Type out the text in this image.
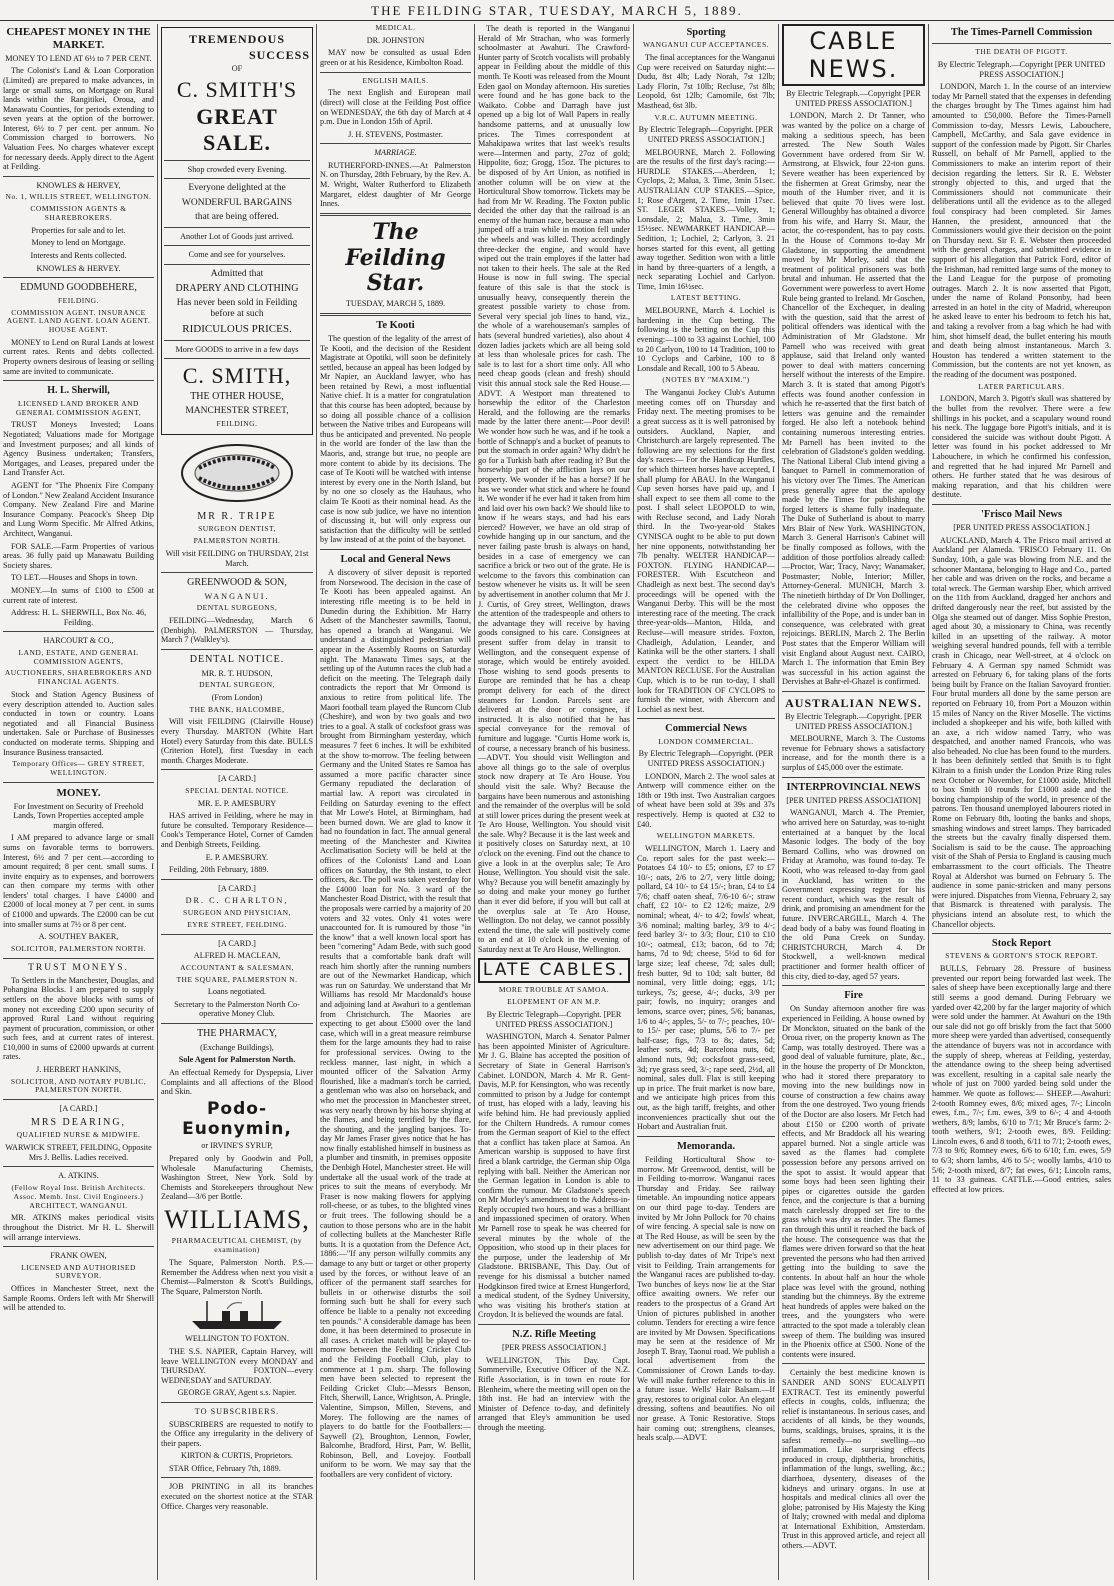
THE FEILDING STAR, TUESDAY, MARCH 5, 1889.
CHEAPEST MONEY IN THE MARKET.

MONEY TO LEND AT 6½ to 7 PER CENT.

The Colonist's Land & Loan Corporation (Limited) are prepared to make advances, in large or small sums, on Mortgage on Rural lands within the Rangitikei, Oroua, and Manawatu Counties, for periods extending to seven years at the option of the borrower. Interest, 6½ to 7 per cent. per annum. No Commission charged to borrowers. No Valuation Fees. No charges whatever except for necessary deeds. Apply direct to the Agent at Feilding.

KNOWLES & HERVEY,

No. 1, WILLIS STREET, WELLINGTON.

COMMISSION AGENTS & SHAREBROKERS.

Properties for sale and to let.

Money to lend on Mortgage.

Interests and Rents collected.

KNOWLES & HERVEY.

EDMUND GOODBEHERE,

FEILDING.

COMMISSION AGENT. INSURANCE AGENT. LAND AGENT. LOAN AGENT. HOUSE AGENT.

MONEY to Lend on Rural Lands at lowest current rates. Rents and debts collected. Property owners desirous of leasing or selling same are invited to communicate.

H. L. Sherwill,

LICENSED LAND BROKER AND GENERAL COMMISSION AGENT,

TRUST Moneys Invested; Loans Negotiated; Valuations made for Mortgage and Investment purposes; and all kinds of Agency Business undertaken; Transfers, Mortgages, and Leases, prepared under the Land Transfer Act.

AGENT for "The Phoenix Fire Company of London." New Zealand Accident Insurance Company. New Zealand Fire and Marine Insurance Company. Peacock's Sheep Dip and Lung Worm Specific. Mr Alfred Atkins, Architect, Wanganui.

FOR SALE.—Farm Properties of various areas. 36 fully paid up Manawatu Building Society shares.

TO LET.—Houses and Shops in town.

MONEY.—In sums of £100 to £500 at current rate of interest.

Address: H. L. SHERWILL, Box No. 46, Feilding.

HARCOURT & CO.,

LAND, ESTATE, AND GENERAL COMMISSION AGENTS,

AUCTIONEERS, SHAREBROKERS AND FINANCIAL AGENTS.

Stock and Station Agency Business of every description attended to. Auction sales conducted in town or country. Loans negotiated and all Financial Business undertaken. Sale or Purchase of Businesses conducted on moderate terms. Shipping and Insurance Business transacted.

Temporary Offices— GREY STREET, WELLINGTON.

MONEY.

For Investment on Security of Freehold Lands, Town Properties accepted ample margin offered.

I AM prepared to advance large or small sums on favorable terms to borrowers. Interest, 6½ and 7 per cent.—according to amount required; 8 per cent. small sums. I invite enquiry as to expenses, and borrowers can then compare my terms with other lenders' total charges. I have £4000 and £2000 of local money at 7 per cent. in sums of £1000 and upwards. The £2000 can be cut into smaller sums at 7½ or 8 per cent.

A. SOUTHEY BAKER,

SOLICITOR, PALMERSTON NORTH.

TRUST MONEYS.

To Settlers in the Manchester, Douglas, and Pohangina Blocks. I am prepared to supply settlers on the above blocks with sums of money not exceeding £200 upon security of approved Rural Land without requiring payment of procuration, commission, or other such fees, and at current rates of interest. £10,000 in sums of £2000 upwards at current rates.

J. HERBERT HANKINS,

SOLICITOR, AND NOTARY PUBLIC, PALMERSTON NORTH.

[A CARD.]

MRS DEARING,

QUALIFIED NURSE & MIDWIFE.

WARWICK STREET, FEILDING, Opposite Mrs J. Bellis. Ladies received.

A. ATKINS.

(Fellow Royal Inst. British Architects. Assoc. Memb. Inst. Civil Engineers.) ARCHITECT, WANGANUI.

MR. ATKINS makes periodical visits throughout the District. Mr H. L. Sherwill will arrange interviews.

FRANK OWEN,

LICENSED AND AUTHORISED SURVEYOR.

Offices in Manchester Street, next the Sample Rooms. Orders left with Mr Sherwill will be attended to.

TREMENDOUS
SUCCESS

OF

C. SMITH'S
GREAT SALE.

Shop crowded every Evening.

Everyone delighted at the

WONDERFUL BARGAINS

that are being offered.

Another Lot of Goods just arrived.

Come and see for yourselves.

Admitted that

DRAPERY AND CLOTHING

Has never been sold in Feilding before at such

RIDICULOUS PRICES.

More GOODS to arrive in a few days

C. SMITH,

THE OTHER HOUSE,

MANCHESTER STREET,

FEILDING.

MR R. TRIPE

SURGEON DENTIST,

PALMERSTON NORTH.

Will visit FEILDING on THURSDAY, 21st March.

GREENWOOD & SON,

WANGANUI.

DENTAL SURGEONS,

FEILDING—Wednesday, March 6 (Denbigh). PALMERSTON — Thursday, March 7 (Walkley's).

DENTAL NOTICE.

MR. R. T. HUDSON,

DENTAL SURGEON,

(From London)

THE BANK, HALCOMBE,

Will visit FEILDING (Clairville House) every Thursday. MARTON (White Hart Hotel) every Saturday from this date. BULLS (Criterion Hotel), first Tuesday in each month. Charges Moderate.

[A CARD.]

SPECIAL DENTAL NOTICE.

MR. E. P. AMESBURY

HAS arrived in Feilding, where he may in future be consulted. Temporary Residence—Cook's Temperance Hotel, Corner of Camden and Denbigh Streets, Feilding.

E. P. AMESBURY.

Feilding, 20th February, 1889.

[A CARD.]

DR. C. CHARLTON,

SURGEON AND PHYSICIAN,

EYRE STREET, FEILDING.

[A CARD.]

ALFRED H. MACLEAN,

ACCOUNTANT & SALESMAN,

THE SQUARE, PALMERSTON N.

Loans negotiated.

Secretary to the Palmerston North Co-operative Money Club.

THE PHARMACY,

(Exchange Buildings),

Sole Agent for Palmerston North.

An effectual Remedy for Dyspepsia, Liver Complaints and all affections of the Blood and Skin.

Podo-Euonymin,

or IRVINE'S SYRUP,

Prepared only by Goodwin and Poll, Wholesale Manufacturing Chemists, Washington Street, New York. Sold by Chemists and Storekeepers throughout New Zealand—3/6 per Bottle.

WILLIAMS,

PHARMACEUTICAL CHEMIST, (by examination)

The Square, Palmerston North. P.S.—Remember the Address when next you visit a Chemist—Palmerston & Scott's Buildings, The Square, Palmerston North.

WELLINGTON TO FOXTON.

THE S.S. NAPIER, Captain Harvey, will leave WELLINGTON every MONDAY and THURSDAY. FOXTON—every WEDNESDAY and SATURDAY.

GEORGE GRAY, Agent s.s. Napier.

TO SUBSCRIBERS.

SUBSCRIBERS are requested to notify to the Office any irregularity in the delivery of their papers.

KIRTON & CURTIS, Proprietors.

STAR Office, February 7th, 1889.

JOB PRINTING in all its branches executed on the shortest notice at the STAR Office. Charges very reasonable.

MEDICAL.

DR. JOHNSTON

MAY now be consulted as usual Eden green or at his Residence, Kimbolton Road.

ENGLISH MAILS.

The next English and European mail (direct) will close at the Feilding Post office on WEDNESDAY, the 6th day of March at 4 p.m. Due in London 15th of April.

J. H. STEVENS, Postmaster.

MARRIAGE.

RUTHERFORD-INNES.—At Palmerston N. on Thursday, 28th February, by the Rev. A. M. Wright, Walter Rutherford to Elizabeth Margaret, eldest daughter of Mr George Innes.

The Feilding Star.

TUESDAY, MARCH 5, 1889.

Te Kooti

The question of the legality of the arrest of Te Kooti, and the decision of the Resident Magistrate at Opotiki, will soon be definitely settled, because an appeal has been lodged by Mr Napier, an Auckland lawyer, who has been retained by Rewi, a most influential Native chief. It is a matter for congratulation that this course has been adopted, because by so doing all possible chance of a collision between the Native tribes and Europeans will thus be anticipated and prevented. No people in the world are fonder of the law than the Maoris, and, strange but true, no people are more content to abide by its decisions. The case of Te Kooti will be watched with intense interest by every one in the North Island, but by no one so closely as the Hauhaus, who claim Te Kooti as their nominal head. As the case is now sub judice, we have no intention of discussing it, but will only express our satisfaction that the difficulty will be settled by law instead of at the point of the bayonet.

Local and General News

A discovery of silver deposit is reported from Norsewood. The decision in the case of Te Kooti has been appealed against. An interesting rifle meeting is to be held in Dunedin during the Exhibition. Mr Harry Adsett of the Manchester sawmills, Taonui, has opened a branch at Wanganui. We understand a distinguished pedestrian will appear in the Assembly Rooms on Saturday night. The Manawatu Times says, at the settling up of the Autumn races the club had a deficit on the meeting. The Telegraph daily contradicts the report that Mr Ormond is anxious to retire from political life. The Maori football team played the Runcorn Club (Cheshire), and won by two goals and two tries to a goal. A stalk of cocksfoot grass was brought from Birmingham yesterday, which measures 7 feet 6 inches. It will be exhibited at the show to-morrow. The feeling between Germany and the United States re Samoa has assumed a more pacific character since Germany repudiated the declaration of martial law. A report was circulated in Feilding on Saturday evening to the effect that Mr Lowe's Hotel, at Birmingham, had been burned down. We are glad to know it had no foundation in fact. The annual general meeting of the Manchester and Kiwitea Acclimatisation Society will be held at the offices of the Colonists' Land and Loan offices on Saturday, the 9th instant, to elect officers, &c. The poll was taken yesterday for the £4000 loan for No. 3 ward of the Manchester Road District, with the result that the proposals were carried by a majority of 20 voters and 32 votes. Only 41 votes were unaccounted for. It is rumoured by those "in the know" that a well known local sport has been "cornering" Adam Bede, with such good results that a comfortable bank draft will reach him shortly after the running numbers are out of the Newmarket Handicap, which was run on Saturday. We understand that Mr Williams has resold Mr Macdonald's house and adjoining land at Awahuri to a gentleman from Christchurch. The Maories are expecting to get about £5000 over the land case, which will in a great measure reimburse them for the large amounts they had to raise for professional services. Owing to the reckless manner, last night, in which a mounted officer of the Salvation Army flourished, like a madman's torch be carried, a gentleman who was also on horseback, and who met the procession in Manchester street, was very nearly thrown by his horse shying at the flames, and being terrified by the flare, the shouting, and the jangling banjoes. To-day Mr James Fraser gives notice that he has now finally established himself in business as a plumber and tinsmith, in premises opposite the Denbigh Hotel, Manchester street. He will undertake all the usual work of the trade at prices to suit the means of everybody. Mr Fraser is now making flowers for applying roll-cheese, or as tubes, to the blighted vines or fruit trees. The following should be a caution to those persons who are in the habit of collecting bullets at the Manchester Rifle butts. It is a quotation from the Defence Act, 1886:—"If any person wilfully commits any damage to any butt or target or other property used by the forces, or without leave of an officer of the permanent staff searches for bullets in or otherwise disturbs the soil forming such butt he shall for every such offence be liable to a penalty not exceeding ten pounds." A considerable damage has been done, it has been determined to prosecute in all cases. A cricket match will be played to-morrow between the Feilding Cricket Club and the Feilding Football Club, play to commence at 1 p.m. sharp. The following men have been selected to represent the Feilding Cricket Club:—Messrs Benson, Fitch, Sherwill, Lance, Wrightson, A. Pringle, Valentine, Simpson, Millen, Stevens, and Morey. The following are the names of players to do battle for the Footballers:—Saywell (2), Broughton, Lennon, Fowler, Balcombe, Bradford, Hirst, Parr, W. Bellit, Robinson, Bell, and Lovejoy. Football uniform to be worn. We may say that the footballers are very confident of victory.

The death is reported in the Wanganui Herald of Mr Strachan, who was formerly schoolmaster at Awahuri. The Crawford-Hunter party of Scotch vocalists will probably appear in Feilding about the middle of this month. Te Kooti was released from the Mount Eden gaol on Monday afternoon. His sureties were found and he has gone back to the Waikato. Cobbe and Darragh have just opened up a big lot of Wall Papers in really handsome patterns, and at unusually low prices. The Times correspondent at Mahakipawa writes that last week's results were—Intermen and party, 27oz of gold; Hippolite, 6oz; Grogg, 15oz. The pictures to be disposed of by Art Union, as notified in another column will be on view at the Horticultural Show tomorrow. Tickets may be had from Mr W. Reading. The Foxton public decided the other day that the railroad is an enemy of the human race, because a man who jumped off a train while in motion fell under the wheels and was killed. They accordingly three-decker the engine, and would have wiped out the train employes if the latter had not taken to their heels. The sale at the Red House is now in full swing. The special feature of this sale is that the stock is unusually heavy, consequently therein the greatest possible variety to chose from. Several very special job lines to hand, viz., the whole of a warehouseman's samples of hats (several hundred varieties), also about 4 dozen ladies jackets which are all being sold at less than wholesale prices for cash. The sale is to last for a short time only. All who need cheap goods (clean and fresh) should visit this annual stock sale the Red House.—ADVT. A Westport man threatened to horsewhip the editor of the Charleston Herald, and the following are the remarks made by the latter there anent:—Poor devil! We wonder how such he was, and if he took a bottle of Schnapp's and a bucket of peanuts to put the stomach in order again? Why didn't he go for a Turkish bath after reading it? But the horsewhip part of the affliction lays on our property. We wonder if he has a horse? If he has we wonder what stick and where he found it. We wonder if he ever had it taken from him and laid over his own back? We should like to know if he wears stays, and had his ears pierced? However, we have an old strap of cowhide hanging up in our sanctum, and the never failing paste brush is always on hand, besides in a case of emergency we can sacrifice a brick or two out of the grate. He is welcome to the favors this combination can bestow whenever he visits us. It will be seen by advertisement in another column that Mr J. J. Curtis, of Grey street, Wellington, draws the attention of the tradespeople and others to the advantage they will receive by having goods consigned to his care. Consignees at present suffer from delay in transit to Wellington, and the consequent expense of storage, which would be entirely avoided. Those wishing to send goods presents to Europe are reminded that he has a cheap prompt delivery for each of the direct steamers for London. Parcels sent are delivered at the door or consignee, if instructed. It is also notified that he has special conveyance for the removal of furniture and luggage. "Curtis Home work is, of course, a necessary branch of his business.—ADVT. You should visit Wellington and above all things go to the sale of overplus stock now drapery at Te Aro House. You should visit the sale. Why? Because the bargains have been numerous and astonishing and the remainder of the overplus will be sold at still lower prices during the present week at Te Aro House, Wellington. You should visit the sale. Why? Because it is the last week and it positively closes on Saturday next, at 10 o'clock on the evening. Find out the chance to give a look in at the overplus sale; Te Aro House, Wellington. You should visit the sale. Why? Because you will benefit amazingly by so doing and make your money go further than it ever did before, if you will but call at the overplus sale at Te Aro House, Wellington. Do not delay, we cannot possibly extend the time, the sale will positively come to an end at 10 o'clock in the evening of Saturday next at Te Aro House, Wellington.

LATE CABLES.

MORE TROUBLE AT SAMOA.

ELOPEMENT OF AN M.P.

By Electric Telegraph—Copyright. [PER UNITED PRESS ASSOCIATION.]

WASHINGTON, March 4. Senator Palmer has been appointed Minister of Agriculture. Mr J. G. Blaine has accepted the position of Secretary of State in General Harrison's Cabinet. LONDON, March 4. Mr R. Gent-Davis, M.P. for Kensington, who was recently committed to prison by a Judge for contempt of trust, has eloped with a lady, leaving his wife behind him. He had previously applied for the Chiltern Hundreds. A rumour comes from the German seaport of Kiel to the effect that a conflict has taken place at Samoa. An American warship is supposed to have first fired a blank cartridge, the German ship Olga replying with ball. Neither the American nor the German legation in London is able to confirm the rumour. Mr Gladstone's speech on Mr Morley's amendment to the Address-in-Reply occupied two hours, and was a brilliant and impassioned specimen of oratory. When Mr Parnell rose to speak he was cheered for several minutes by the whole of the Opposition, who stood up in their places for the purpose, under the leadership of Mr Gladstone. BRISBANE, This Day. Out of revenge for his dismissal a butcher named Hodgkinson fired twice at Ernest Hungerford, a medical student, of the Sydney University, who was visiting his brother's station at Croydon. It is believed the wounds are fatal.

N.Z. Rifle Meeting

[PER PRESS ASSOCIATION.]

WELLINGTON, This Day. Capt. Sommerville, Executive Officer of the N.Z. Rifle Association, is in town en route for Blenheim, where the meeting will open on the 18th inst. He had an interview with the Minister of Defence to-day, and definitely arranged that Eley's ammunition be used through the meeting.

Sporting

WANGANUI CUP ACCEPTANCES.

The final acceptances for the Wanganui Cup were received on Saturday night:—Dudu, 8st 4lb; Lady Norah, 7st 12lb; Lady Florin, 7st 10lb; Recluse, 7st 8lb; Leopold, 6st 12lb; Camomile, 6st 7lb; Masthead, 6st 3lb.

V.R.C. AUTUMN MEETING.

By Electric Telegraph—Copyright. [PER UNITED PRESS ASSOCIATION.]

MELBOURNE, March 2. Following are the results of the first day's racing:— HURDLE STAKES.—Aberdeen, 1; Cyclops, 2; Malua, 3. Time, 3min 51sec. AUSTRALIAN CUP STAKES.—Spice, 1; Rose d'Argent, 2. Time, 1min 17sec. ST. LEGER STAKES.—Volley, 1; Lonsdale, 2; Malua, 3. Time, 3min 15½sec. NEWMARKET HANDICAP.—Sedition, 1; Lochiel, 2; Carlyon, 3. 21 horses started for this event, all getting away together. Sedition won with a little in hand by three-quarters of a length, a neck separating Lochiel and Carlyon. Time, 1min 16½sec.

LATEST BETTING.

MELBOURNE, March 4. Lochiel is hardening in the Cup betting. The following is the betting on the Cup this evening:—100 to 33 against Lochiel, 100 to 20 Carlyon, 100 to 14 Tradition, 100 to 10 Cyclops and Carbine, 100 to 8 Lonsdale and Recall, 100 to 5 Abeau.

(NOTES BY "MAXIM.")

The Wanganui Jockey Club's Autumn meeting comes off on Thursday and Friday next. The meeting promises to be a great success as it is well patronised by outsiders. Auckland, Napier, and Christchurch are largely represented. The following are my selections for the first day's races:— For the Handicap Hurdles, for which thirteen horses have accepted, I shall plump for ABAU. In the Wanganui Cup seven horses have paid up, and I shall expect to see them all come to the post. I shall select LEOPOLD to win, with Recluse second, and Lady Norah third. In the Two-year-old Stakes CYNISCA ought to be able to put down her nine opponents, notwithstanding her 7lb penalty. WELTER HANDICAP— FOXTON. FLYING HANDICAP— FORESTER. With Escutcheon and Chadleigh as next best. The second day's proceedings will be opened with the Wanganui Derby. This will be the most interesting race of the meeting. The crack three-year-olds—Manton, Hilda, and Recluse—will measure strides. Foxton, Chadleigh, Adulation, Leander, and Katinka will be the other starters. I shall expect the verdict to be HILDA MANTON RECLUSE. For the Australian Cup, which is to be run to-day, I shall look for TRADITION OF CYCLOPS to furnish the winner, with Abercorn and Lochiel as next best.

Commercial News

LONDON COMMERCIAL.

By Electric Telegraph—Copyright. (PER UNITED PRESS ASSOCIATION.)

LONDON, March 2. The wool sales at Antwerp will commence either on the 18th or 19th inst. Two Australian cargoes of wheat have been sold at 39s and 37s respectively. Hemp is quoted at £32 to £40.

WELLINGTON MARKETS.

WELLINGTON, March 1. Laery and Co. report sales for the past week:—Potatoes £4 10/- to £5; onions, £7 to £7 10/-; oats, 2/6 to 2/7, very little doing; pollard, £4 10/- to £4 15/-; bran, £4 to £4 7/6; chaff oaten sheaf, 7/6-10 6/-; straw chaff, £2 10/- to £2 12/6; maize, 2/9 nominal; wheat, 4/- to 4/2; fowls' wheat, 3/6 nominal; malting barley, 3/9 to 4/-; feed barley 3/- to 3/3; flour, £10 to £10 10/-; oatmeal, £13; bacon, 6d to 7d; hams, 7d to 9d; cheese, 5½d to 6d for large size; leaf cheese, 7d; sales dull; fresh butter, 9d to 10d; salt butter, 8d nominal, very little doing; eggs, 1/1; turkeys, 7s; geese, 4/-; ducks, 3/9 per pair; fowls, no inquiry; oranges and lemons, scarce over; pines, 5/6; bananas, 1/6 to 4/-; apples, 5/- to 7/-; peaches, 10/- to 15/- per case; plums, 5/6 to 7/- per half-case; figs, 7/3 to 8s; dates, 5d; leather sorts, 4d; Barcelona nuts, 6d; almond nuts, 9d; cocksfoot grass-seed, 3d; rye grass seed, 3/-; rape seed, 2½d, all nominal, sales dull. Flax is still keeping up in price. The fruit market is now bare, and we anticipate high prices from this out, as the high tariff, freights, and other inconveniences practically shut out the Hobart and Australian fruit.

Memoranda.

Feilding Horticultural Show to-morrow. Mr Greenwood, dentist, will be in Feilding to-morrow. Wanganui races Thursday and Friday. See railway timetable. An impounding notice appears on our third page to-day. Tenders are invited by Mr John Pollock for 70 chains of wire fencing. A special sale is now on at The Red House, as will be seen by the new advertisement on our third page. We publish to-day dates of Mr Tripe's next visit to Feilding. Train arrangements for the Wanganui races are published to-day. Two bunches of keys now lie at the Star office awaiting owners. We refer our readers to the prospectus of a Grand Art Union of pictures published in another column. Tenders for erecting a wire fence are invited by Mr Dowsen. Specifications may be seen at the residence of Mr Joseph T. Bray, Taonui road. We publish a local advertisement from the Commissioner of Crown Lands to-day. We will make further reference to this in a future issue. Wells' Hair Balsam.—If gray, restores to original color. An elegant dressing, softens and beautifies. No oil nor grease. A Tonic Restorative. Stops hair coming out; strengthens, cleanses, heals scalp.—ADVT.

CABLE NEWS.

By Electric Telegraph.—Copyright [PER UNITED PRESS ASSOCIATION.]

LONDON, March 2. Dr Tanner, who was wanted by the police on a charge of making a seditious speech, has been arrested. The New South Wales Government have ordered from Sir W. Armstrong, at Elswick, four 22-ton guns. Severe weather has been experienced by the fishermen at Great Grimsby, near the mouth of the Humber river, and it is believed that quite 70 lives were lost. General Willoughby has obtained a divorce from his wife, and Harry St. Maur, the actor, the co-respondent, has to pay costs. In the House of Commons to-day Mr Gladstone, in supporting the amendment moved by Mr Morley, said that the treatment of political prisoners was both brutal and inhuman. He asserted that the Government were powerless to avert Home Rule being granted to Ireland. Mr Goschen, Chancellor of the Exchequer, in dealing with the question, said that the arrest of political offenders was identical with the Administration of Mr Gladstone. Mr Parnell who was received with great applause, said that Ireland only wanted power to deal with matters concerning herself without the interests of the Empire. March 3. It is stated that among Pigott's effects was found another confession in which he re-asserted that the first batch of letters was genuine and the remainder forged. He also left a notebook behind containing numerous interesting entries. Mr Parnell has been invited to the celebration of Gladstone's golden wedding. The National Liberal Club intend giving a banquet to Parnell in commemoration of his victory over The Times. The American press generally agree that the apology made by the Times for publishing the forged letters is shame fully inadequate. The Duke of Sutherland is about to marry Mrs Blair of New York. WASHINGTON, March 3. General Harrison's Cabinet will be finally composed as follows, with the addition of those portfolios already called:—Proctor, War; Tracy, Navy; Wanamaker, Postmaster; Noble, Interior; Miller, Attorney-General. MUNICH, March 3. The ninetieth birthday of Dr Von Dollinger, the celebrated divine who opposes the infallibility of the Pope, and is under ban in consequence, was celebrated with great rejoicings. BERLIN, March 2. The Berlin Post states that the Emperor William will visit England about August next. CAIRO, March 1. The information that Emin Bey was successful in his action against the Dervishes at Bahr-el-Ghazel is confirmed.

AUSTRALIAN NEWS.

By Electric Telegraph.—Copyright. [PER UNITED PRESS ASSOCIATION.]

MELBOURNE, March 3. The Customs revenue for February shows a satisfactory increase, and for the month there is a surplus of £45,000 over the estimate.

INTERPROVINCIAL NEWS

[PER UNITED PRESS ASSOCIATION]

WANGANUI, March 4. The Premier, who arrived here on Saturday, was to-night entertained at a banquet by the local Masonic lodges. The body of the boy Bernard Collins, who was drowned on Friday at Aramoho, was found to-day. Te Kooti, who was released to-day from gaol in Auckland, has written to the Government expressing regret for his recent conduct, which was the result of drink, and promising an amendment for the future. INVERCARGILL, March 4. The dead body of a baby was found floating in the old Puna Creek on Sunday. CHRISTCHURCH, March 4. Dr Stockwell, a well-known medical practitioner and former health officer of this city, died to-day, aged 57 years.

Fire

On Sunday afternoon another fire was experienced in Feilding. A house owned by Dr Monckton, situated on the bank of the Oroua river, on the property known as The Camp, was totally destroyed. There was a good deal of valuable furniture, plate, &c., in the house the property of Dr Monckton, who had it stored there preparatory to moving into the new buildings now in course of construction a few chains away from the one destroyed. Two young friends of the Doctor are also losers. Mr Fetch had about £150 or £200 worth of private effects, and Mr Braddock all his wearing apparel burned. Not a single article was saved as the flames had complete possession before any persons arrived on the spot to assist. It would appear that some boys had been seen lighting their pipes or cigarettes outside the garden fence, and the conjecture is that a burning match carelessly dropped set fire to the grass which was dry as tinder. The flames ran through this until it reached the back of the house. The consequence was that the flames were driven forward so that the heat prevented the persons who had then arrived getting into the building to save the contents. In about half an hour the whole place was level with the ground, nothing standing but the chimneys. By the extreme heat hundreds of apples were baked on the trees, and the youngsters who were attracted to the spot made a tolerably clean sweep of them. The building was insured in the Phoenix office at £500. None of the contents were insured.

Certainly the best medicine known is SANDER AND SONS' EUCALYPTI EXTRACT. Test its eminently powerful effects in coughs, colds, influenza; the relief is instantaneous. In serious cases, and accidents of all kinds, be they wounds, burns, scaldings, bruises, sprains, it is the safest remedy—no swelling—no inflammation. Like surprising effects produced in croup, diphtheria, bronchitis, inflammation of the lungs, swelling, &c.; diarrhoea, dysentery, diseases of the kidneys and urinary organs. In use at hospitals and medical clinics all over the globe; patronised by His Majesty the King of Italy; crowned with medal and diploma at International Exhibition, Amsterdam. Trust in this approved article, and reject all others.—ADVT.

The Times-Parnell Commission

THE DEATH OF PIGOTT.

By Electric Telegraph.—Copyright [PER UNITED PRESS ASSOCIATION.]

LONDON, March 1. In the course of an interview today Mr Parnell stated that the expenses in defending the charges brought by The Times against him had amounted to £50,000. Before the Times-Parnell Commission to-day, Messrs Lewis, Labouchere, Campbell, McCarthy, and Sala gave evidence in support of the confession made by Pigott. Sir Charles Russell, on behalf of Mr Parnell, applied to the Commissioners to make an interim report of their decision regarding the letters. Sir R. E. Webster strongly objected to this, and urged that the Commissioners should not communicate their deliberations until all the evidence as to the alleged foul conspiracy had been completed. Sir James Hannen, the president, announced that the Commissioners would give their decision on the point on Thursday next. Sir F. E. Webster then proceeded with the general charges, and submitted evidence in support of his allegation that Patrick Ford, editor of the Irishman, had remitted large sums of the money to the Land League for the purpose of promoting outrages. March 2. It is now asserted that Pigott, under the name of Roland Ponsonby, had been arrested in an hotel in the city of Madrid, whereupon he asked leave to enter his bedroom to fetch his hat, and taking a revolver from a bag which he had with him, shot himself dead, the bullet entering his mouth and death being almost instantaneous. March 3. Houston has tendered a written statement to the Commission, but the contents are not yet known, as the reading of the document was postponed.

LATER PARTICULARS.

LONDON, March 3. Pigott's skull was shattered by the bullet from the revolver. There were a few shillings in his pocket, and a scapulary wound round his neck. The luggage bore Pigott's initials, and it is considered the suicide was without doubt Pigott. A letter was found in his pocket addressed to Mr Labouchere, in which he confirmed his confession, and regretted that he had injured Mr Parnell and others. He further stated that he was desirous of making reparation, and that his children were destitute.

'Frisco Mail News

[PER UNITED PRESS ASSOCIATION.]

AUCKLAND, March 4. The Frisco mail arrived at Auckland per Alameda. 'FRISCO February 11. On Sunday, 10th, a gale was blowing from N.E. and the schooner Mantana, belonging to Hage and Co., parted her cable and was driven on the rocks, and became a total wreck. The German warship Eber, which arrived on the 11th from Auckland, dragged her anchors and drifted dangerously near the reef, but assisted by the Olga she steamed out of danger. Miss Sophie Preston, aged about 30, a missionary to China, was recently killed in an upsetting of the railway. A motor weighing several hundred pounds, fell with a terrible crash in Chicago, near Well-street, at 4 o'clock on February 4. A German spy named Schmidt was arrested on February 6, for taking plans of the forts being built by France on the Italian Savoyard frontier. Four brutal murders all done by the same person are reported on February 10, from Port a Mouzon within 15 miles of Nancy on the River Moselle. The victims included a shopkeeper and his wife, both killed with an axe, a rich widow named Tarry, who was despatched, and another named Francois, who was also beheaded. No clue has been found to the murders. It has been definitely settled that Smith is to fight Kilrain to a finish under the London Prize Ring rules next October or November, for £1000 aside, Mitchell to box Smith 10 rounds for £1000 aside and the boxing championship of the world, in presence of the patrons. Ten thousand unemployed labourers rioted in Rome on February 8th, looting the banks and shops, smashing windows and street lamps. They barricaded the streets but the cavalry finally dispersed them. Socialism is said to be the cause. The approaching visit of the Shah of Persia to England is causing much embarrassment to the court officials. The Theatre Royal at Aldershot was burned on February 5. The audience in some panic-stricken and many persons were injured. Dispatches from Vienna, February 2, say that Bismarck is threatened with paralysis. The physicians intend an absolute rest, to which the Chancellor objects.

Stock Report

STEVENS & GORTON'S STOCK REPORT.

BULLS, February 28. Pressure of business prevented our report being forwarded last week. The sales of sheep have been exceptionally large and there still seems a good demand. During February we yarded over 42,200 by far the larger majority of which were sold under the hammer. At Awahuri on the 19th our sale did not go off briskly from the fact that 5000 more sheep were yarded than advertised, consequently the attendance of buyers was not in accordance with the supply of sheep, whereas at Feilding, yesterday, the attendance owing to the sheep being advertised was excellent, resulting in a capital sale nearly the whole of just on 7000 yarded being sold under the hammer. We quote as follows:— SHEEP.—Awahuri: 2-tooth Romney ewes, 8/6; mixed ages, 7/-; Lincoln ewes, f.m., 7/-; f.m. ewes, 3/9 to 6/-; 4 and 4-tooth wethers, 8/9; lambs, 6/10 to 7/1; Mr Bruce's farm: 2-tooth wethers, 9/1; 2-tooth ewes, 8/9. Feilding: Lincoln ewes, 6 and 8 tooth, 6/11 to 7/1; 2-tooth ewes, 7/3 to 9/6; Romney ewes, 6/6 to 6/10; f.m. ewes, 5/9 to 6/3; shorn lambs, 4/6 to 5/-; woolly lambs, 4/10 to 5/6; 2-tooth mixed, 8/7; fat ewes, 6/1; Lincoln rams, 11 to 33 guineas. CATTLE.—Good entries, sales effected at low prices.
